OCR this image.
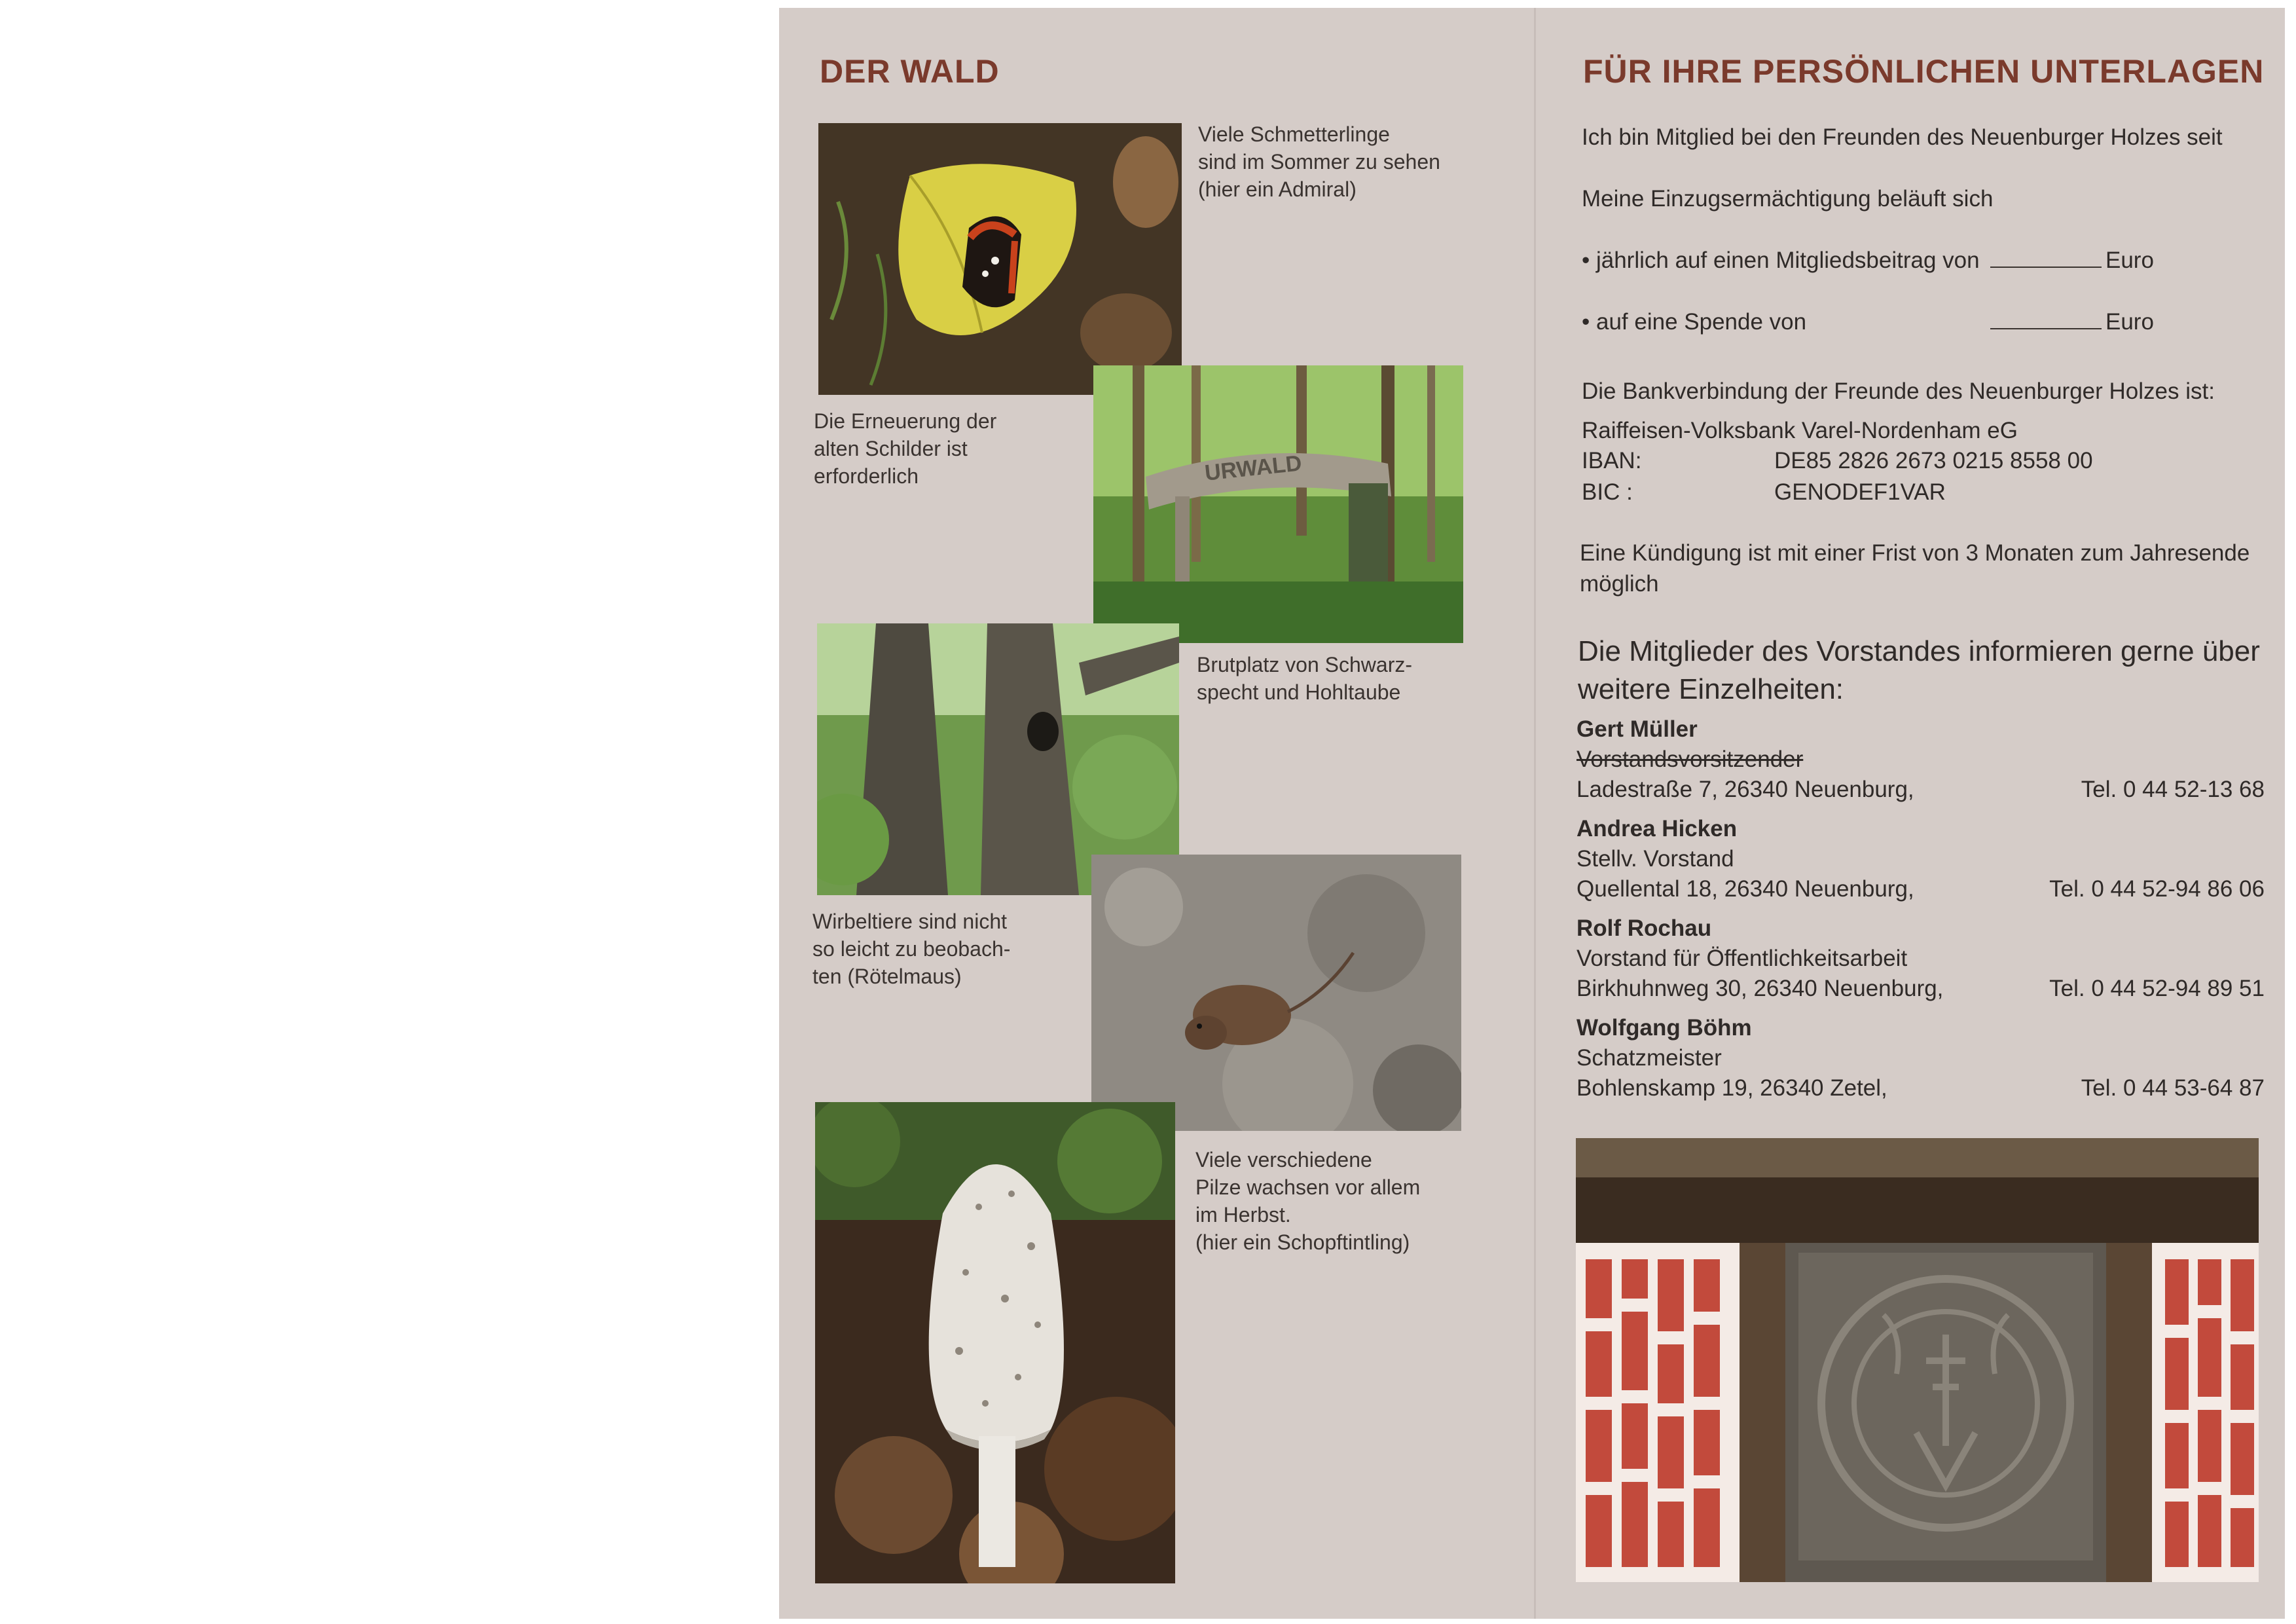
DER WALD
Viele Schmetterlinge
sind im Sommer zu sehen
(hier ein Admiral)
URWALD
Die Erneuerung der
alten Schilder ist
erforderlich
Brutplatz von Schwarz-
specht und Hohltaube
Wirbeltiere sind nicht
so leicht zu beobach-
ten (Rötelmaus)
Viele verschiedene
Pilze wachsen vor allem
im Herbst.
(hier ein Schopftintling)
FÜR IHRE PERSÖNLICHEN UNTERLAGEN
Ich bin Mitglied bei den Freunden des Neuenburger Holzes seit
Meine Einzugsermächtigung beläuft sich
• jährlich auf einen Mitgliedsbeitrag von	Euro
• auf eine Spende von	Euro
Die Bankverbindung der Freunde des Neuenburger Holzes ist:
Raiffeisen-Volksbank Varel-Nordenham eG
IBAN:	DE85 2826 2673 0215 8558 00
BIC :	GENODEF1VAR
Eine Kündigung ist mit einer Frist von 3 Monaten zum Jahresende
möglich
Die Mitglieder des Vorstandes informieren gerne über
weitere Einzelheiten:
Gert Müller
Vorstandsvorsitzender
Ladestraße 7, 26340 Neuenburg,	Tel. 0 44 52-13 68
Andrea Hicken
Stellv. Vorstand
Quellental 18, 26340 Neuenburg,	Tel. 0 44 52-94 86 06
Rolf Rochau
Vorstand für Öffentlichkeitsarbeit
Birkhuhnweg 30, 26340 Neuenburg,	Tel. 0 44 52-94 89 51
Wolfgang Böhm
Schatzmeister
Bohlenskamp 19, 26340 Zetel,	Tel. 0 44 53-64 87
